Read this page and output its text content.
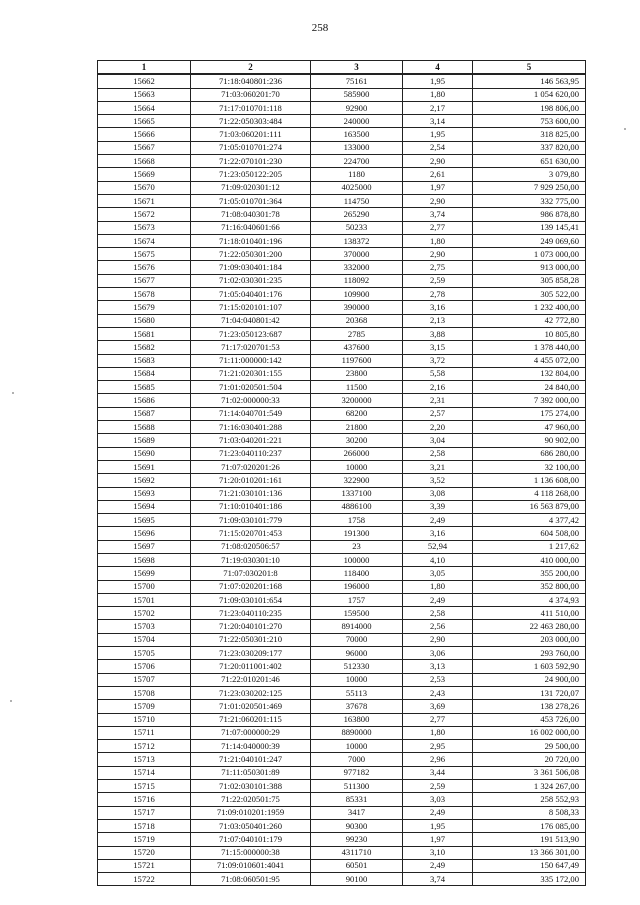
258
1	2	3	4	5
15662	71:18:040801:236	75161	1,95	146 563,95
15663	71:03:060201:70	585900	1,80	1 054 620,00
15664	71:17:010701:118	92900	2,17	198 806,00
15665	71:22:050303:484	240000	3,14	753 600,00
15666	71:03:060201:111	163500	1,95	318 825,00
15667	71:05:010701:274	133000	2,54	337 820,00
15668	71:22:070101:230	224700	2,90	651 630,00
15669	71:23:050122:205	1180	2,61	3 079,80
15670	71:09:020301:12	4025000	1,97	7 929 250,00
15671	71:05:010701:364	114750	2,90	332 775,00
15672	71:08:040301:78	265290	3,74	986 878,80
15673	71:16:040601:66	50233	2,77	139 145,41
15674	71:18:010401:196	138372	1,80	249 069,60
15675	71:22:050301:200	370000	2,90	1 073 000,00
15676	71:09:030401:184	332000	2,75	913 000,00
15677	71:02:030301:235	118092	2,59	305 858,28
15678	71:05:040401:176	109900	2,78	305 522,00
15679	71:15:020101:107	390000	3,16	1 232 400,00
15680	71:04:040801:42	20368	2,13	42 772,80
15681	71:23:050123:687	2785	3,88	10 805,80
15682	71:17:020701:53	437600	3,15	1 378 440,00
15683	71:11:000000:142	1197600	3,72	4 455 072,00
15684	71:21:020301:155	23800	5,58	132 804,00
15685	71:01:020501:504	11500	2,16	24 840,00
15686	71:02:000000:33	3200000	2,31	7 392 000,00
15687	71:14:040701:549	68200	2,57	175 274,00
15688	71:16:030401:288	21800	2,20	47 960,00
15689	71:03:040201:221	30200	3,04	90 902,00
15690	71:23:040110:237	266000	2,58	686 280,00
15691	71:07:020201:26	10000	3,21	32 100,00
15692	71:20:010201:161	322900	3,52	1 136 608,00
15693	71:21:030101:136	1337100	3,08	4 118 268,00
15694	71:10:010401:186	4886100	3,39	16 563 879,00
15695	71:09:030101:779	1758	2,49	4 377,42
15696	71:15:020701:453	191300	3,16	604 508,00
15697	71:08:020506:57	23	52,94	1 217,62
15698	71:19:030301:10	100000	4,10	410 000,00
15699	71:07:030201:8	118400	3,05	355 200,00
15700	71:07:020201:168	196000	1,80	352 800,00
15701	71:09:030101:654	1757	2,49	4 374,93
15702	71:23:040110:235	159500	2,58	411 510,00
15703	71:20:040101:270	8914000	2,56	22 463 280,00
15704	71:22:050301:210	70000	2,90	203 000,00
15705	71:23:030209:177	96000	3,06	293 760,00
15706	71:20:011001:402	512330	3,13	1 603 592,90
15707	71:22:010201:46	10000	2,53	24 900,00
15708	71:23:030202:125	55113	2,43	131 720,07
15709	71:01:020501:469	37678	3,69	138 278,26
15710	71:21:060201:115	163800	2,77	453 726,00
15711	71:07:000000:29	8890000	1,80	16 002 000,00
15712	71:14:040000:39	10000	2,95	29 500,00
15713	71:21:040101:247	7000	2,96	20 720,00
15714	71:11:050301:89	977182	3,44	3 361 506,08
15715	71:02:030101:388	511300	2,59	1 324 267,00
15716	71:22:020501:75	85331	3,03	258 552,93
15717	71:09:010201:1959	3417	2,49	8 508,33
15718	71:03:050401:260	90300	1,95	176 085,00
15719	71:07:040101:179	99230	1,97	191 513,90
15720	71:15:000000:38	4311710	3,10	13 366 301,00
15721	71:09:010601:4041	60501	2,49	150 647,49
15722	71:08:060501:95	90100	3,74	335 172,00
